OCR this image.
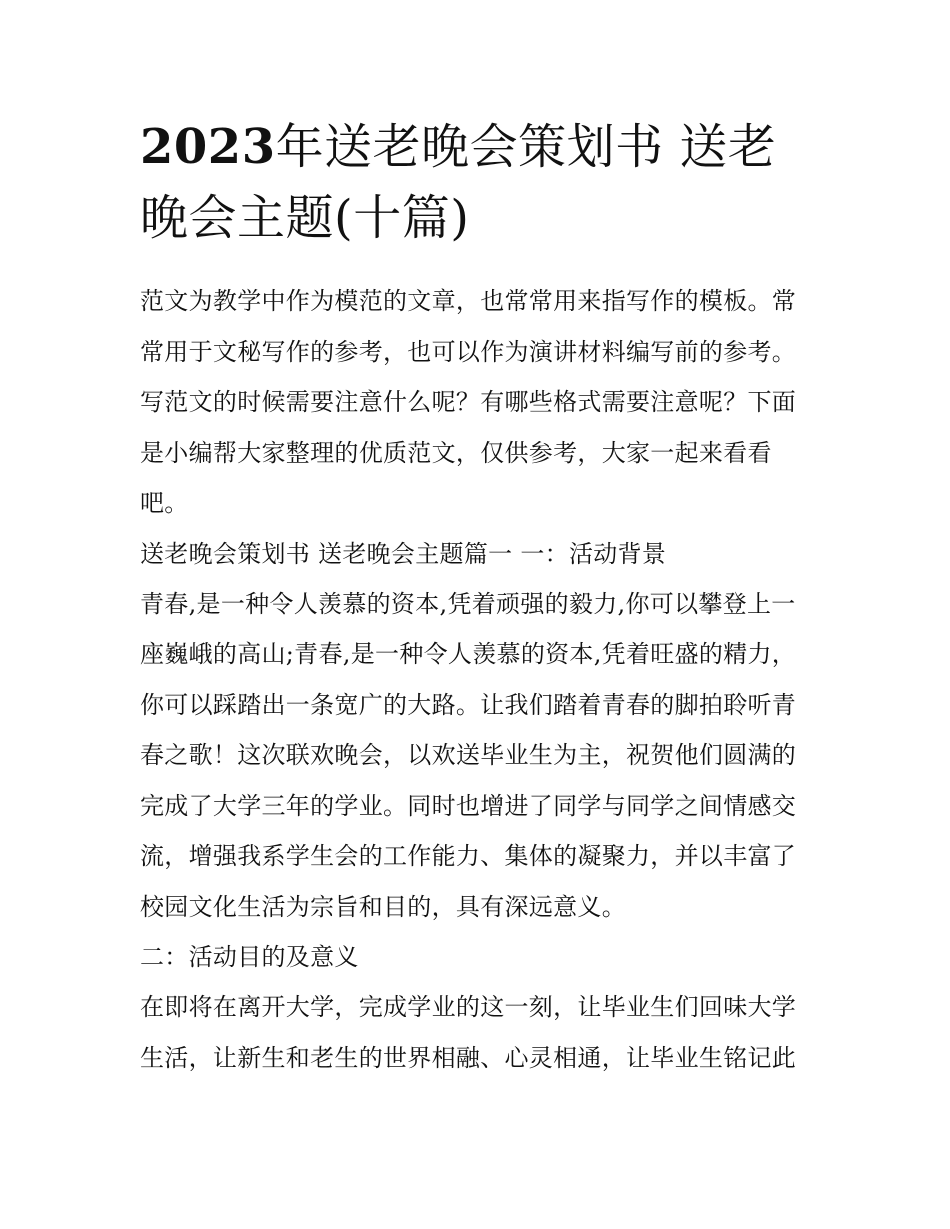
2023年送老晚会策划书 送老晚会主题(十篇)

范文为教学中作为模范的文章，也常常用来指写作的模板。常常用于文秘写作的参考，也可以作为演讲材料编写前的参考。写范文的时候需要注意什么呢？有哪些格式需要注意呢？下面是小编帮大家整理的优质范文，仅供参考，大家一起来看看吧。

送老晚会策划书 送老晚会主题篇一 一：活动背景

青春,是一种令人羡慕的资本,凭着顽强的毅力,你可以攀登上一座巍峨的高山;青春,是一种令人羡慕的资本,凭着旺盛的精力，你可以踩踏出一条宽广的大路。让我们踏着青春的脚拍聆听青春之歌！这次联欢晚会，以欢送毕业生为主，祝贺他们圆满的完成了大学三年的学业。同时也增进了同学与同学之间情感交流，增强我系学生会的工作能力、集体的凝聚力，并以丰富了校园文化生活为宗旨和目的，具有深远意义。

二：活动目的及意义

在即将在离开大学，完成学业的这一刻，让毕业生们回味大学生活，让新生和老生的世界相融、心灵相通，让毕业生铭记此
